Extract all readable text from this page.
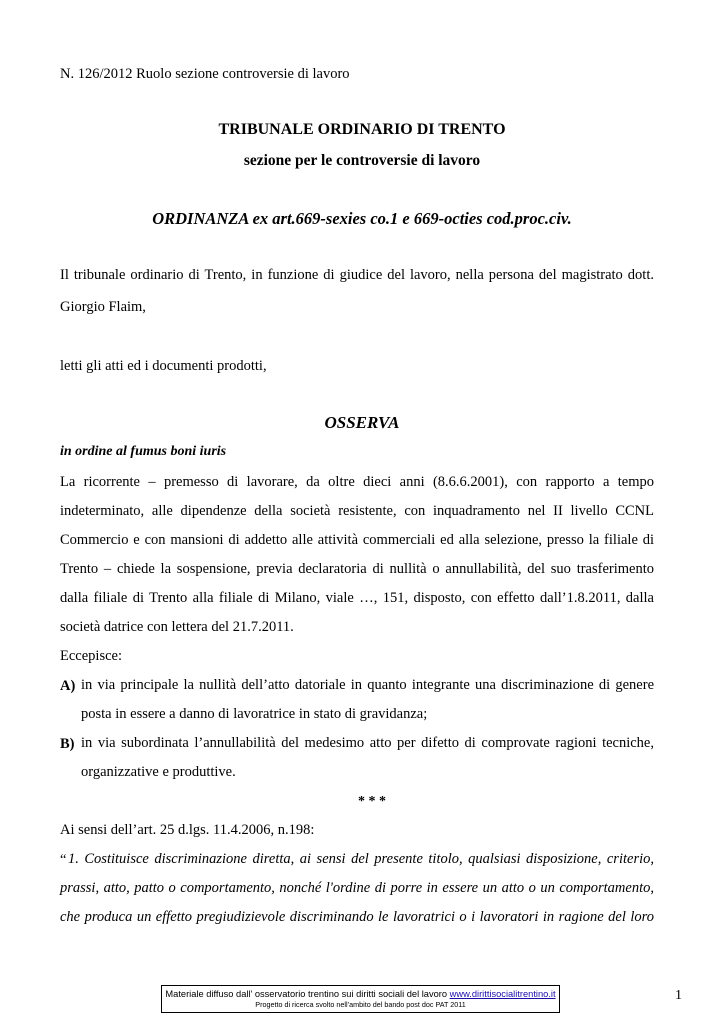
N. 126/2012 Ruolo sezione controversie di lavoro
TRIBUNALE ORDINARIO DI TRENTO
sezione per le controversie di lavoro
ORDINANZA ex art.669-sexies co.1 e 669-octies cod.proc.civ.
Il tribunale ordinario di Trento, in funzione di giudice del lavoro, nella persona del magistrato dott.
Giorgio Flaim,
letti gli atti ed i documenti prodotti,
OSSERVA
in ordine al fumus boni iuris
La ricorrente – premesso di lavorare, da oltre dieci anni (8.6.6.2001), con rapporto a tempo
indeterminato, alle dipendenze della società resistente, con inquadramento nel II livello CCNL
Commercio e con mansioni di addetto alle attività commerciali ed alla selezione, presso la filiale di
Trento – chiede la sospensione, previa declaratoria di nullità o annullabilità, del suo trasferimento
dalla filiale di Trento alla filiale di Milano, viale …, 151, disposto, con effetto dall’1.8.2011, dalla
società datrice con lettera del 21.7.2011.
Eccepisce:
A) in via principale la nullità dell’atto datoriale in quanto integrante una discriminazione di genere
posta in essere a danno di lavoratrice in stato di gravidanza;
B) in via subordinata l’annullabilità del medesimo atto per difetto di comprovate ragioni tecniche,
organizzative e produttive.
* * *
Ai sensi dell’art. 25 d.lgs. 11.4.2006, n.198:
“ 1. Costituisce discriminazione diretta, ai sensi del presente titolo, qualsiasi disposizione, criterio,
prassi, atto, patto o comportamento, nonché l'ordine di porre in essere un atto o un comportamento,
che produca un effetto pregiudizievole discriminando le lavoratrici o i lavoratori in ragione del loro
Materiale diffuso dall’ osservatorio trentino sui diritti sociali del lavoro www.dirittisocialitrentino.it
Progetto di ricerca svolto nell’ambito del bando post doc PAT 2011
1
